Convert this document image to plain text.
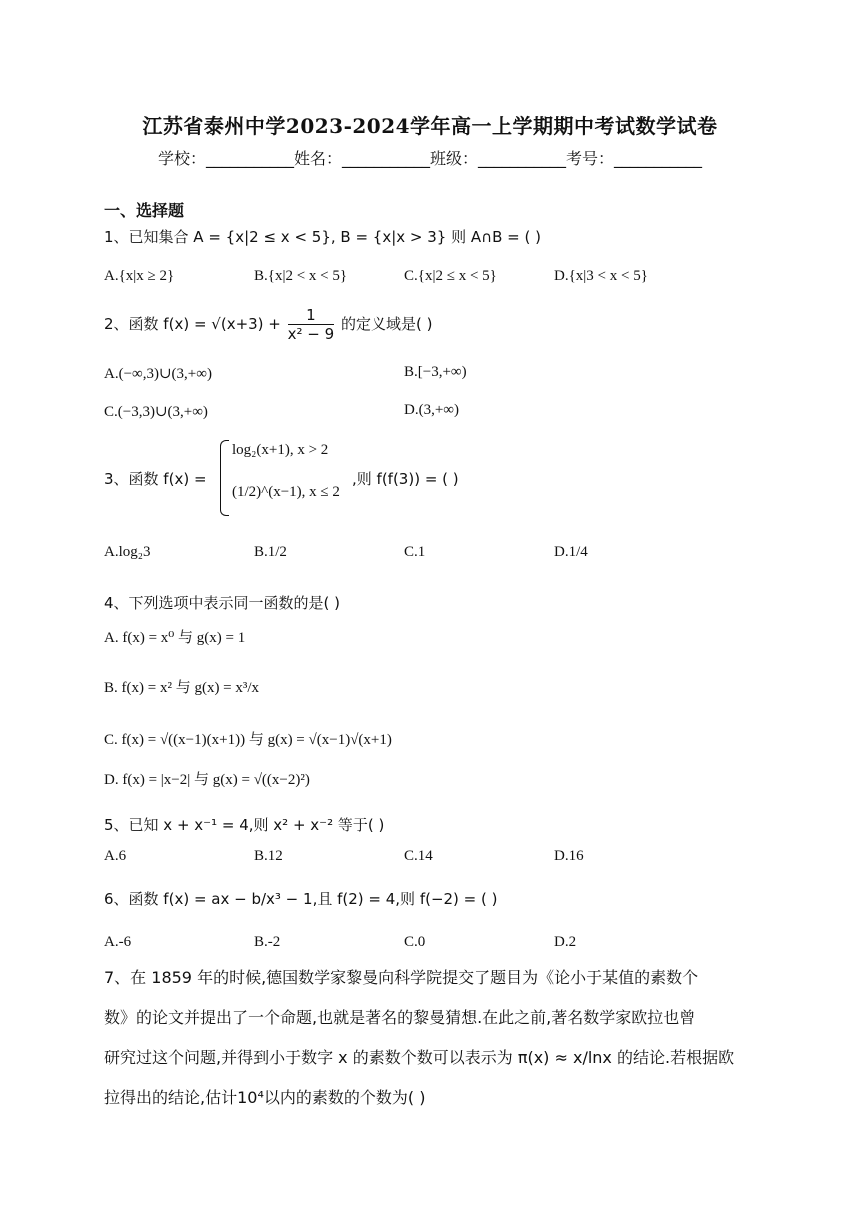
江苏省泰州中学2023-2024学年高一上学期期中考试数学试卷
学校：___________姓名：___________班级：___________考号：___________
一、选择题
1、已知集合 A = {x|2 ≤ x < 5}, B = {x|x > 3} 则 A∩B = ( )
A.{x|x ≥ 2}	B.{x|2 < x < 5}	C.{x|2 ≤ x < 5}	D.{x|3 < x < 5}
2、函数 $f(x) = √(x+3) + \frac{1}{\text{x² − 9}}$ 的定义域是( )
A.(−∞,3)∪(3,+∞)	B.[−3,+∞)
C.(−3,3)∪(3,+∞)	D.(3,+∞)
3、函数 f(x) =
log₂(x+1), x > 2
(1/2)^(x−1), x ≤ 2
,则 f(f(3)) = ( )
A.log₂3	B.1/2	C.1	D.1/4
4、下列选项中表示同一函数的是( )
A. f(x) = x⁰ 与 g(x) = 1
B. f(x) = x² 与 g(x) = x³/x
C. f(x) = √((x−1)(x+1)) 与 g(x) = √(x−1)√(x+1)
D. f(x) = |x−2| 与 g(x) = √((x−2)²)
5、已知 x + x⁻¹ = 4,则 x² + x⁻² 等于( )
A.6	B.12	C.14	D.16
6、函数 f(x) = ax − b/x³ − 1,且 f(2) = 4,则 f(−2) = ( )
A.-6	B.-2	C.0	D.2
7、在 1859 年的时候,德国数学家黎曼向科学院提交了题目为《论小于某值的素数个
数》的论文并提出了一个命题,也就是著名的黎曼猜想.在此之前,著名数学家欧拉也曾
研究过这个问题,并得到小于数字 x 的素数个数可以表示为 π(x) ≈ x/lnx 的结论.若根据欧
拉得出的结论,估计10⁴以内的素数的个数为( )
